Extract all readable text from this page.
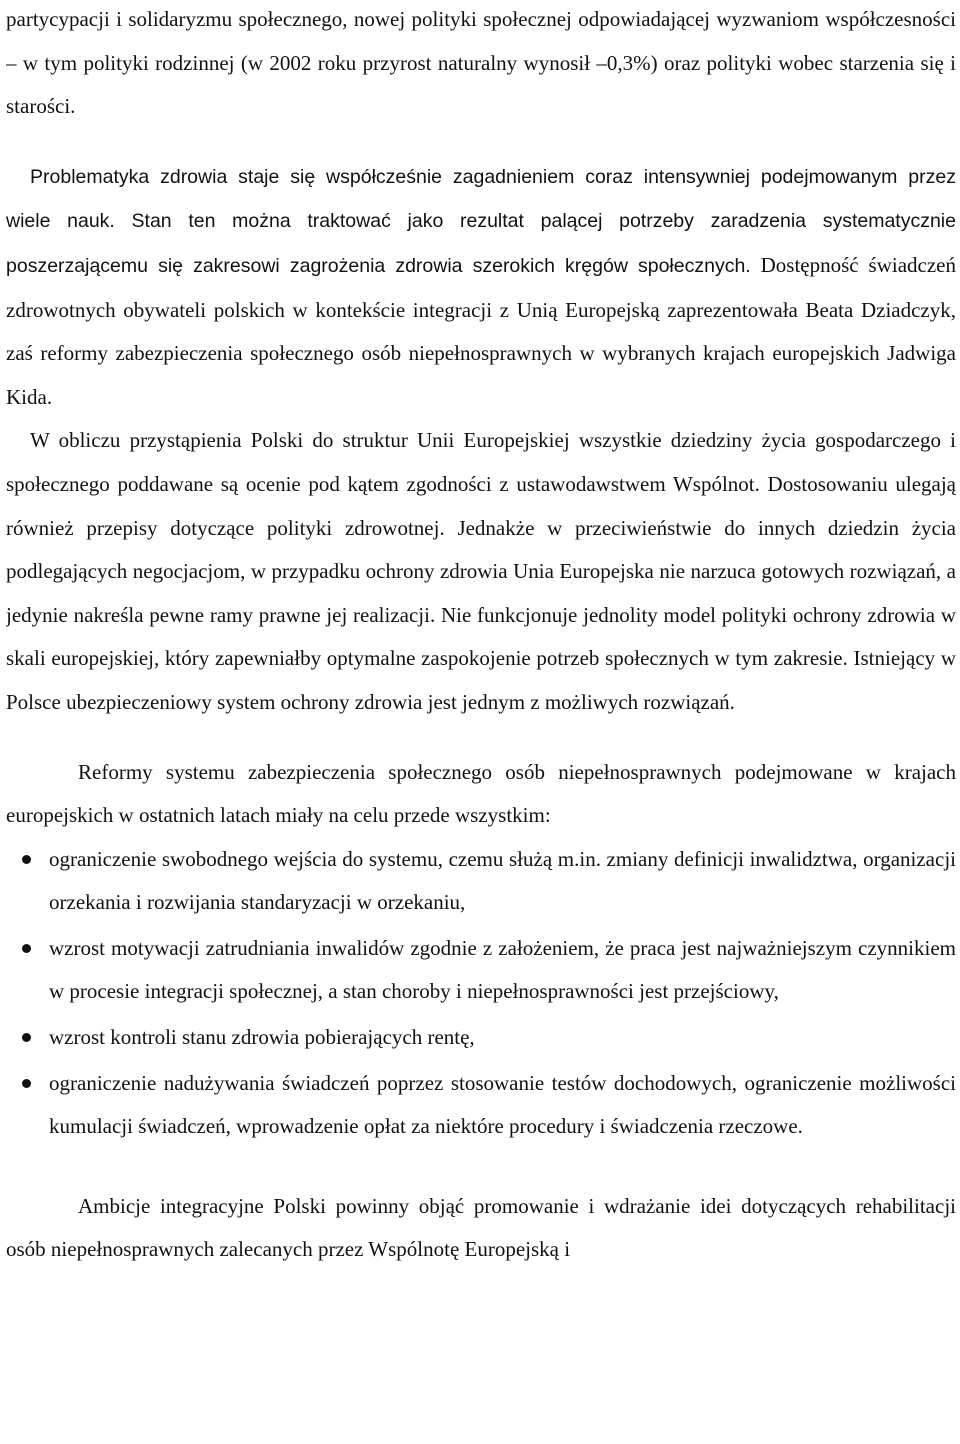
partycypacji i solidaryzmu społecznego, nowej polityki społecznej odpowiadającej wyzwaniom współczesności – w tym polityki rodzinnej (w 2002 roku przyrost naturalny wynosił –0,3%) oraz polityki wobec starzenia się i starości.

Problematyka zdrowia staje się współcześnie zagadnieniem coraz intensywniej podejmowanym przez wiele nauk. Stan ten można traktować jako rezultat palącej potrzeby zaradzenia systematycznie poszerzającemu się zakresowi zagrożenia zdrowia szerokich kręgów społecznych. Dostępność świadczeń zdrowotnych obywateli polskich w kontekście integracji z Unią Europejską zaprezentowała Beata Dziadczyk, zaś reformy zabezpieczenia społecznego osób niepełnosprawnych w wybranych krajach europejskich Jadwiga Kida.

W obliczu przystąpienia Polski do struktur Unii Europejskiej wszystkie dziedziny życia gospodarczego i społecznego poddawane są ocenie pod kątem zgodności z ustawodawstwem Wspólnot. Dostosowaniu ulegają również przepisy dotyczące polityki zdrowotnej. Jednakże w przeciwieństwie do innych dziedzin życia podlegających negocjacjom, w przypadku ochrony zdrowia Unia Europejska nie narzuca gotowych rozwiązań, a jedynie nakreśla pewne ramy prawne jej realizacji. Nie funkcjonuje jednolity model polityki ochrony zdrowia w skali europejskiej, który zapewniałby optymalne zaspokojenie potrzeb społecznych w tym zakresie. Istniejący w Polsce ubezpieczeniowy system ochrony zdrowia jest jednym z możliwych rozwiązań.

Reformy systemu zabezpieczenia społecznego osób niepełnosprawnych podejmowane w krajach europejskich w ostatnich latach miały na celu przede wszystkim:

ograniczenie swobodnego wejścia do systemu, czemu służą m.in. zmiany definicji inwalidztwa, organizacji orzekania i rozwijania standaryzacji w orzekaniu,
wzrost motywacji zatrudniania inwalidów zgodnie z założeniem, że praca jest najważniejszym czynnikiem w procesie integracji społecznej, a stan choroby i niepełnosprawności jest przejściowy,
wzrost kontroli stanu zdrowia pobierających rentę,
ograniczenie nadużywania świadczeń poprzez stosowanie testów dochodowych, ograniczenie możliwości kumulacji świadczeń, wprowadzenie opłat za niektóre procedury i świadczenia rzeczowe.

Ambicje integracyjne Polski powinny objąć promowanie i wdrażanie idei dotyczących rehabilitacji osób niepełnosprawnych zalecanych przez Wspólnotę Europejską i
